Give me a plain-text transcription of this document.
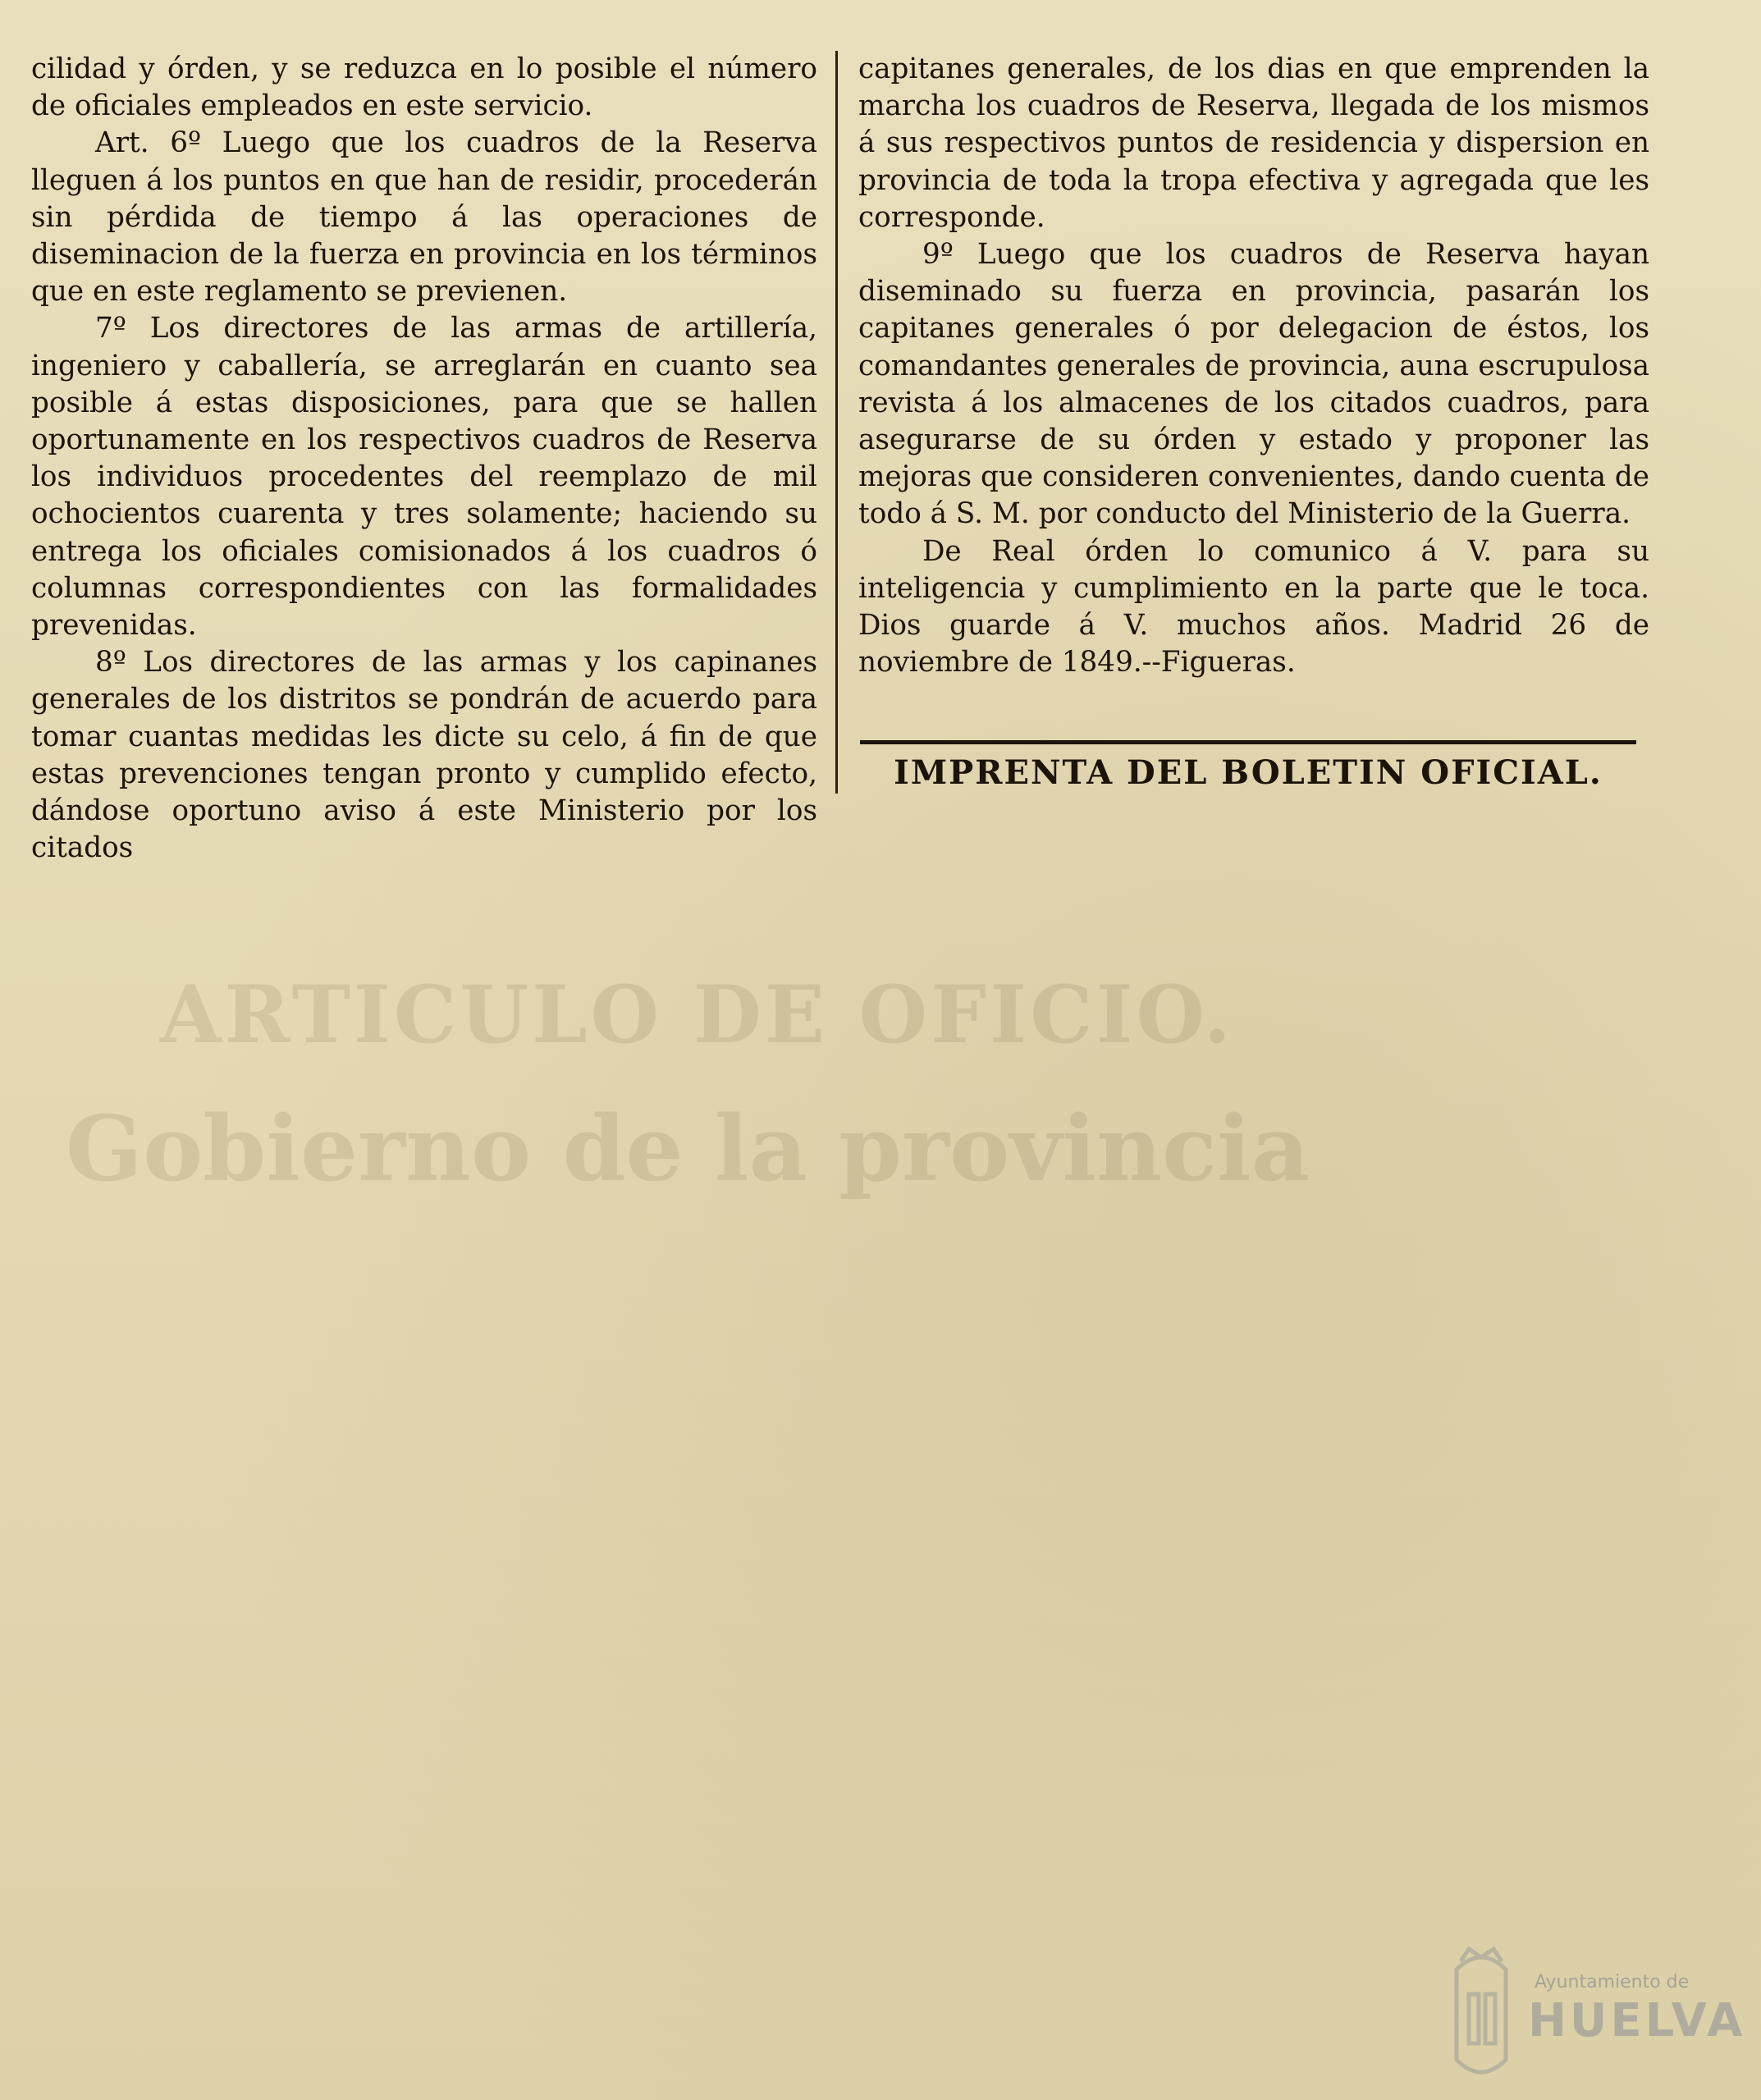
ARTICULO DE OFICIO.
Gobierno de la provincia

cilidad y órden, y se reduzca en lo posible el número de oficiales empleados en este servicio.

Art. 6º Luego que los cuadros de la Reserva lleguen á los puntos en que han de residir, procederán sin pérdida de tiempo á las operaciones de diseminacion de la fuerza en provincia en los términos que en este reglamento se previenen.

7º Los directores de las armas de artillería, ingeniero y caballería, se arreglarán en cuanto sea posible á estas disposiciones, para que se hallen oportunamente en los respectivos cuadros de Reserva los individuos procedentes del reemplazo de mil ochocientos cuarenta y tres solamente; haciendo su entrega los oficiales comisionados á los cuadros ó columnas correspondientes con las formalidades prevenidas.

8º Los directores de las armas y los capinanes generales de los distritos se pondrán de acuerdo para tomar cuantas medidas les dicte su celo, á fin de que estas prevenciones tengan pronto y cumplido efecto, dándose oportuno aviso á este Ministerio por los citados

capitanes generales, de los dias en que emprenden la marcha los cuadros de Reserva, llegada de los mismos á sus respectivos puntos de residencia y dispersion en provincia de toda la tropa efectiva y agregada que les corresponde.

9º Luego que los cuadros de Reserva hayan diseminado su fuerza en provincia, pasarán los capitanes generales ó por delegacion de éstos, los comandantes generales de provincia, auna escrupulosa revista á los almacenes de los citados cuadros, para asegurarse de su órden y estado y proponer las mejoras que consideren convenientes, dando cuenta de todo á S. M. por conducto del Ministerio de la Guerra.

De Real órden lo comunico á V. para su inteligencia y cumplimiento en la parte que le toca. Dios guarde á V. muchos años. Madrid 26 de noviembre de 1849.--Figueras.

IMPRENTA DEL BOLETIN OFICIAL.
Ayuntamiento de
HUELVA
